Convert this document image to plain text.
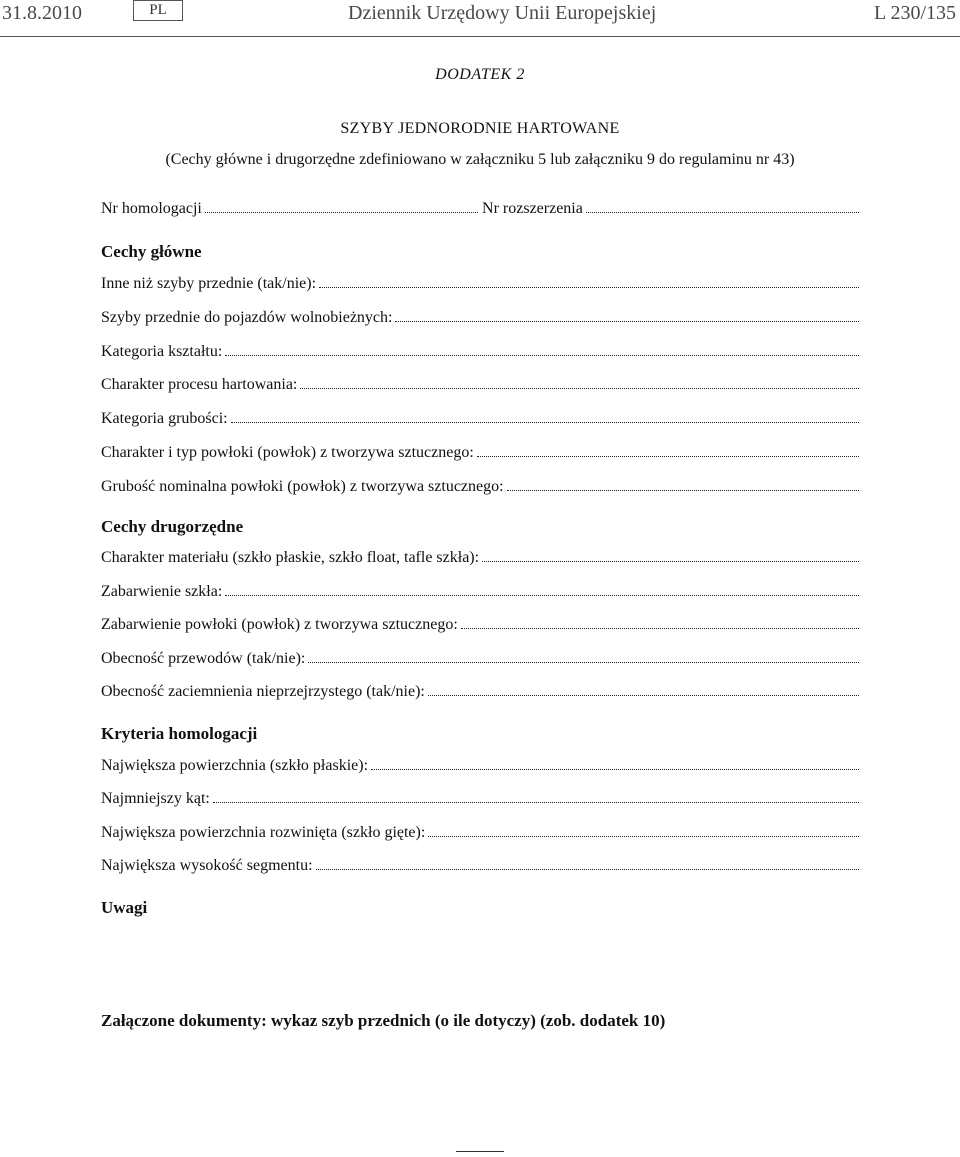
31.8.2010	PL	Dziennik Urzędowy Unii Europejskiej	L 230/135
DODATEK 2
SZYBY JEDNORODNIE HARTOWANE
(Cechy główne i drugorzędne zdefiniowano w załączniku 5 lub załączniku 9 do regulaminu nr 43)
Nr homologacji	Nr rozszerzenia
Cechy główne
Inne niż szyby przednie (tak/nie):
Szyby przednie do pojazdów wolnobieżnych:
Kategoria kształtu:
Charakter procesu hartowania:
Kategoria grubości:
Charakter i typ powłoki (powłok) z tworzywa sztucznego:
Grubość nominalna powłoki (powłok) z tworzywa sztucznego:
Cechy drugorzędne
Charakter materiału (szkło płaskie, szkło float, tafle szkła):
Zabarwienie szkła:
Zabarwienie powłoki (powłok) z tworzywa sztucznego:
Obecność przewodów (tak/nie):
Obecność zaciemnienia nieprzejrzystego (tak/nie):
Kryteria homologacji
Największa powierzchnia (szkło płaskie):
Najmniejszy kąt:
Największa powierzchnia rozwinięta (szkło gięte):
Największa wysokość segmentu:
Uwagi
Załączone dokumenty: wykaz szyb przednich (o ile dotyczy) (zob. dodatek 10)
